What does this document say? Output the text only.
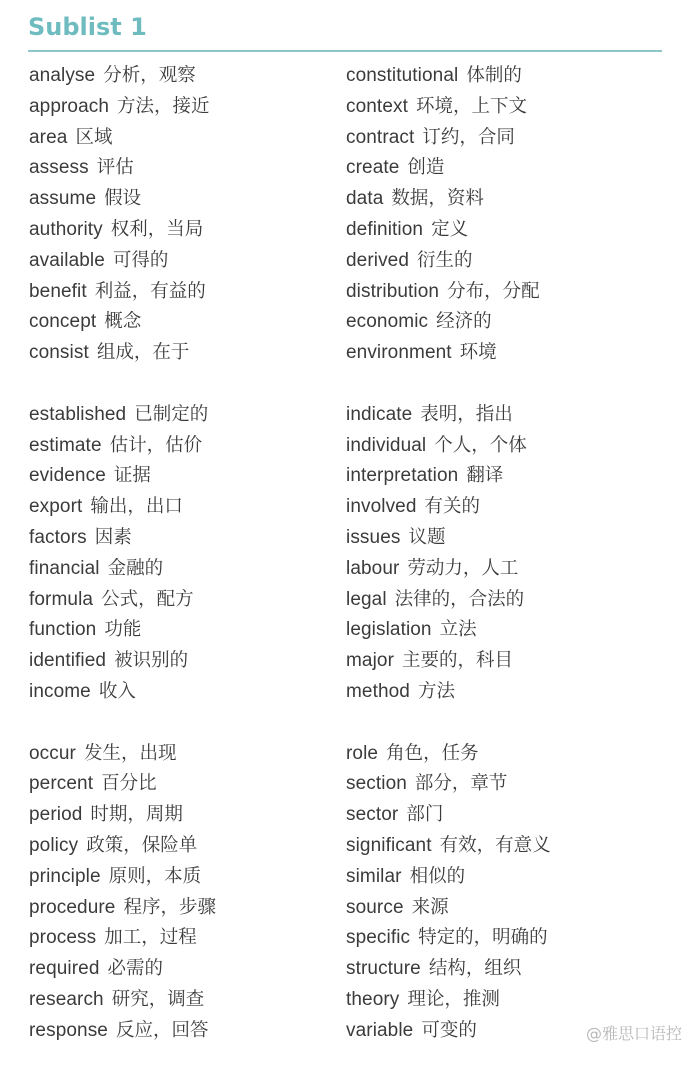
Sublist 1
analyse 分析，观察
approach 方法，接近
area 区域
assess 评估
assume 假设
authority 权利，当局
available 可得的
benefit 利益，有益的
concept 概念
consist 组成，在于
established 已制定的
estimate 估计，估价
evidence 证据
export 输出，出口
factors 因素
financial 金融的
formula 公式，配方
function 功能
identified 被识别的
income 收入
occur 发生，出现
percent 百分比
period 时期，周期
policy 政策，保险单
principle 原则，本质
procedure 程序，步骤
process 加工，过程
required 必需的
research 研究，调查
response 反应，回答
constitutional 体制的
context 环境，上下文
contract 订约，合同
create 创造
data 数据，资料
definition 定义
derived 衍生的
distribution 分布，分配
economic 经济的
environment 环境
indicate 表明，指出
individual 个人，个体
interpretation 翻译
involved 有关的
issues 议题
labour 劳动力，人工
legal 法律的，合法的
legislation 立法
major 主要的，科目
method 方法
role 角色，任务
section 部分，章节
sector 部门
significant 有效，有意义
similar 相似的
source 来源
specific 特定的，明确的
structure 结构，组织
theory 理论，推测
variable 可变的	@雅思口语控
